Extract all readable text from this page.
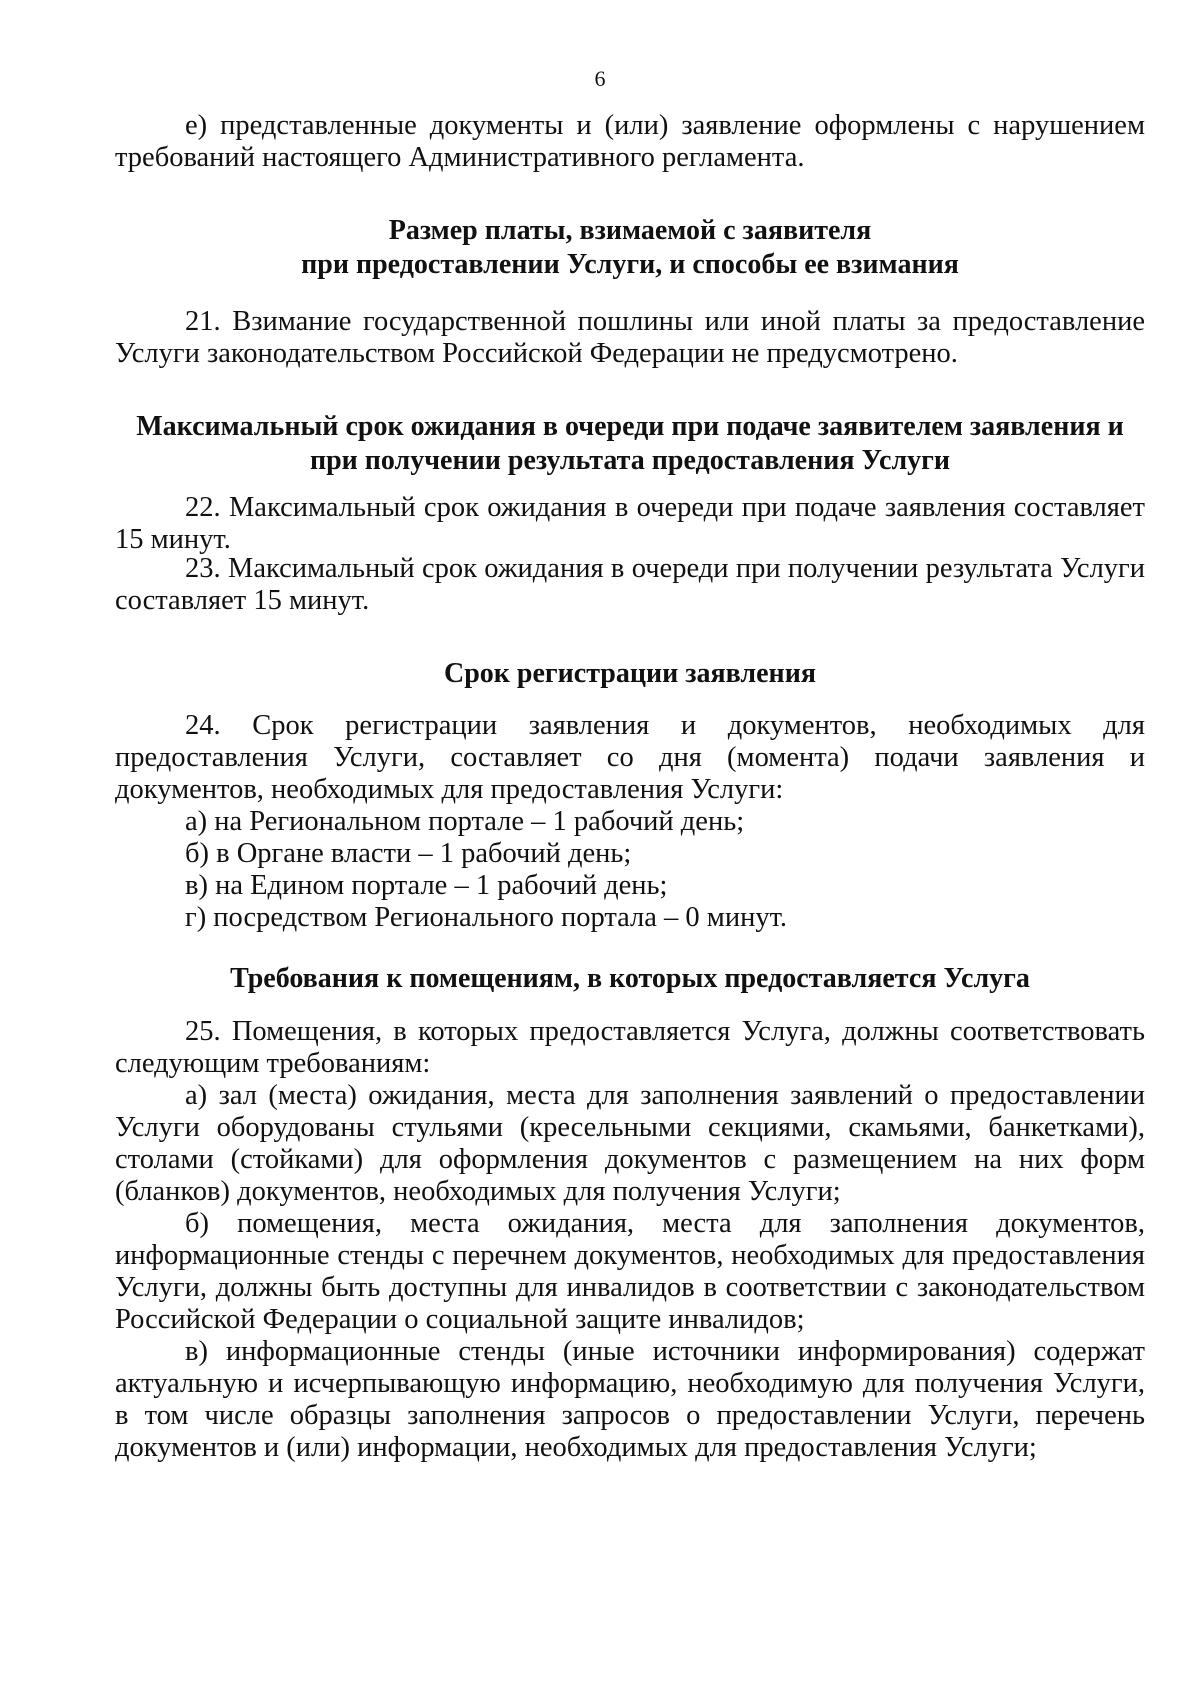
6

е) представленные документы и (или) заявление оформлены с нарушением требований настоящего Административного регламента.

Размер платы, взимаемой с заявителя
при предоставлении Услуги, и способы ее взимания

21. Взимание государственной пошлины или иной платы за предоставление Услуги законодательством Российской Федерации не предусмотрено.

Максимальный срок ожидания в очереди при подаче заявителем заявления и
при получении результата предоставления Услуги

22. Максимальный срок ожидания в очереди при подаче заявления составляет 15 минут.

23. Максимальный срок ожидания в очереди при получении результата Услуги составляет 15 минут.

Срок регистрации заявления

24. Срок регистрации заявления и документов, необходимых для предоставления Услуги, составляет со дня (момента) подачи заявления и документов, необходимых для предоставления Услуги:

а) на Региональном портале – 1 рабочий день;

б) в Органе власти – 1 рабочий день;

в) на Едином портале – 1 рабочий день;

г) посредством Регионального портала – 0 минут.

Требования к помещениям, в которых предоставляется Услуга

25. Помещения, в которых предоставляется Услуга, должны соответствовать следующим требованиям:

а) зал (места) ожидания, места для заполнения заявлений о предоставлении Услуги оборудованы стульями (кресельными секциями, скамьями, банкетками), столами (стойками) для оформления документов с размещением на них форм (бланков) документов, необходимых для получения Услуги;

б) помещения, места ожидания, места для заполнения документов, информационные стенды с перечнем документов, необходимых для предоставления Услуги, должны быть доступны для инвалидов в соответствии с законодательством Российской Федерации о социальной защите инвалидов;

в) информационные стенды (иные источники информирования) содержат актуальную и исчерпывающую информацию, необходимую для получения Услуги, в том числе образцы заполнения запросов о предоставлении Услуги, перечень документов и (или) информации, необходимых для предоставления Услуги;
